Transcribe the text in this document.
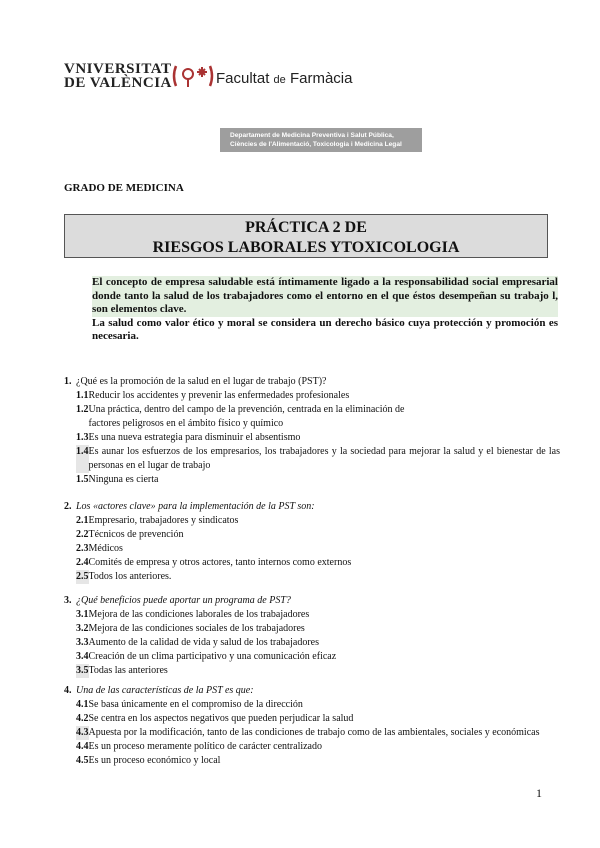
VNIVERSITAT
DE VALÈNCIA	Facultat de Farmàcia
Departament de Medicina Preventiva i Salut Pública,
Ciències de l'Alimentació, Toxicologia i Medicina Legal
GRADO DE MEDICINA
PRÁCTICA 2 DE
RIESGOS LABORALES YTOXICOLOGIA
El concepto de empresa saludable está íntimamente ligado a la responsabilidad social empresarial donde tanto la salud de los trabajadores como el entorno en el que éstos desempeñan su trabajo l, son elementos clave.
La salud como valor ético y moral se considera un derecho básico cuya protección y promoción es necesaria.
1. ¿Qué es la promoción de la salud en el lugar de trabajo (PST)?
1.1 Reducir los accidentes y prevenir las enfermedades profesionales
1.2 Una práctica, dentro del campo de la prevención, centrada en la eliminación de factores peligrosos en el ámbito físico y químico
1.3 Es una nueva estrategia para disminuir el absentismo
1.4 Es aunar los esfuerzos de los empresarios, los trabajadores y la sociedad para mejorar la salud y el bienestar de las personas en el lugar de trabajo
1.5 Ninguna es cierta
2. Los «actores clave» para la implementación de la PST son:
2.1 Empresario, trabajadores y sindicatos
2.2 Técnicos de prevención
2.3 Médicos
2.4 Comités de empresa y otros actores, tanto internos como externos
2.5 Todos los anteriores.
3. ¿Qué beneficios puede aportar un programa de PST?
3.1 Mejora de las condiciones laborales de los trabajadores
3.2 Mejora de las condiciones sociales de los trabajadores
3.3 Aumento de la calidad de vida y salud de los trabajadores
3.4 Creación de un clima participativo y una comunicación eficaz
3.5 Todas las anteriores
4. Una de las características de la PST es que:
4.1 Se basa únicamente en el compromiso de la dirección
4.2 Se centra en los aspectos negativos que pueden perjudicar la salud
4.3 Apuesta por la modificación, tanto de las condiciones de trabajo como de las ambientales, sociales y económicas
4.4 Es un proceso meramente político de carácter centralizado
4.5 Es un proceso económico y local
1
